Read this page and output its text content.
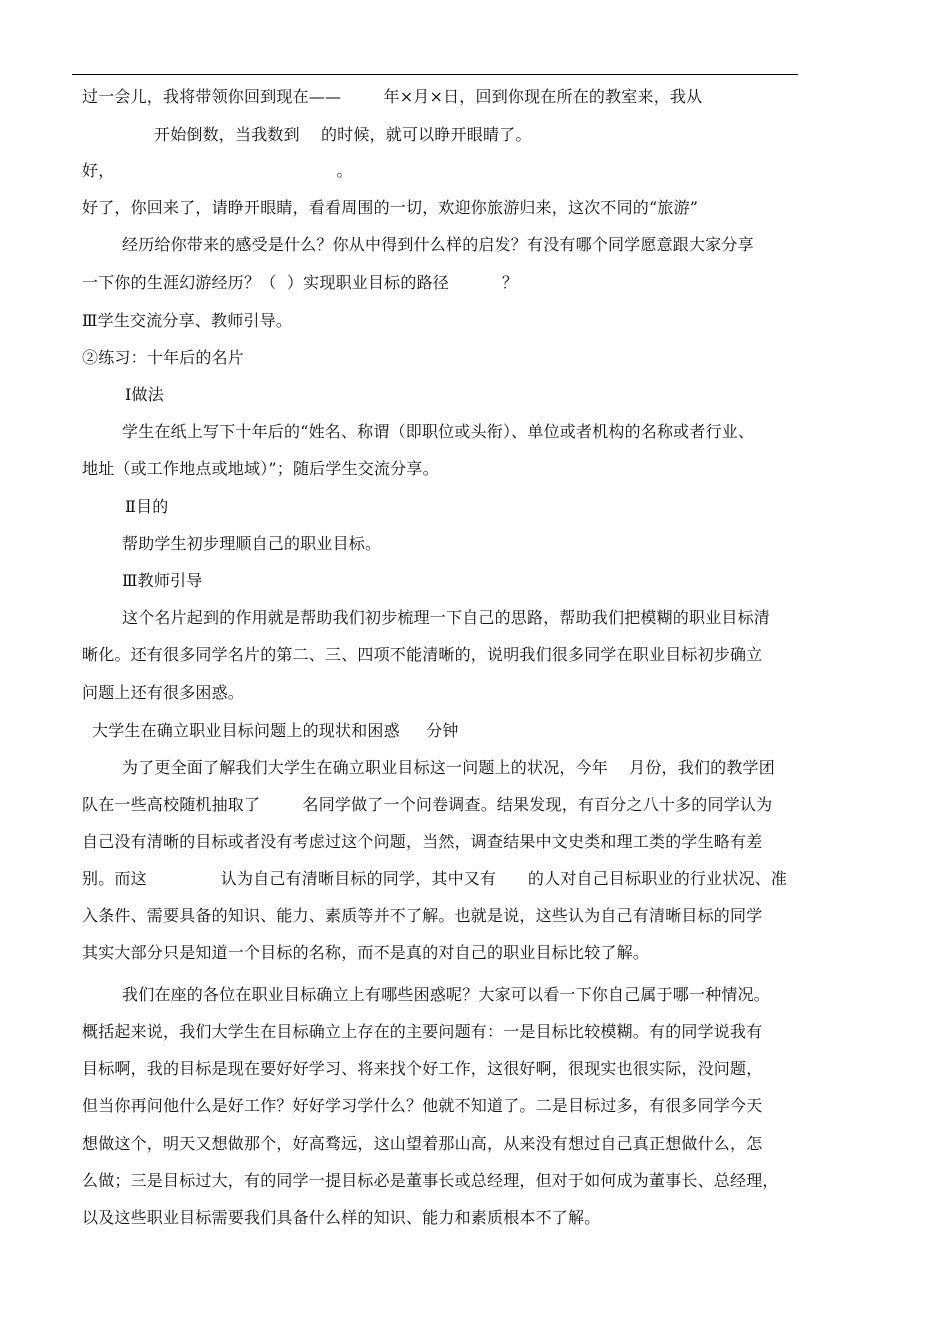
过一会儿，我将带领你回到现在——        年×月×日，回到你现在所在的教室来，我从
开始倒数，当我数到    的时候，就可以睁开眼睛了。
好，                                          。
好了，你回来了，请睁开眼睛，看看周围的一切，欢迎你旅游归来，这次不同的“旅游”
经历给你带来的感受是什么？你从中得到什么样的启发？有没有哪个同学愿意跟大家分享
一下你的生涯幻游经历？（  ）实现职业目标的路径          ？
Ⅲ学生交流分享、教师引导。
②练习：十年后的名片
Ⅰ做法
学生在纸上写下十年后的“姓名、称谓（即职位或头衔）、单位或者机构的名称或者行业、
地址（或工作地点或地域）”；随后学生交流分享。
Ⅱ目的
帮助学生初步理顺自己的职业目标。
Ⅲ教师引导
这个名片起到的作用就是帮助我们初步梳理一下自己的思路，帮助我们把模糊的职业目标清
晰化。还有很多同学名片的第二、三、四项不能清晰的，说明我们很多同学在职业目标初步确立
问题上还有很多困惑。
大学生在确立职业目标问题上的现状和困惑     分钟
为了更全面了解我们大学生在确立职业目标这一问题上的状况，今年    月份，我们的教学团
队在一些高校随机抽取了        名同学做了一个问卷调查。结果发现，有百分之八十多的同学认为
自己没有清晰的目标或者没有考虑过这个问题，当然，调查结果中文史类和理工类的学生略有差
别。而这              认为自己有清晰目标的同学，其中又有      的人对自己目标职业的行业状况、准
入条件、需要具备的知识、能力、素质等并不了解。也就是说，这些认为自己有清晰目标的同学
其实大部分只是知道一个目标的名称，而不是真的对自己的职业目标比较了解。
我们在座的各位在职业目标确立上有哪些困惑呢？大家可以看一下你自己属于哪一种情况。
概括起来说，我们大学生在目标确立上存在的主要问题有：一是目标比较模糊。有的同学说我有
目标啊，我的目标是现在要好好学习、将来找个好工作，这很好啊，很现实也很实际，没问题，
但当你再问他什么是好工作？好好学习学什么？他就不知道了。二是目标过多，有很多同学今天
想做这个，明天又想做那个，好高骛远，这山望着那山高，从来没有想过自己真正想做什么，怎
么做；三是目标过大，有的同学一提目标必是董事长或总经理，但对于如何成为董事长、总经理，
以及这些职业目标需要我们具备什么样的知识、能力和素质根本不了解。
